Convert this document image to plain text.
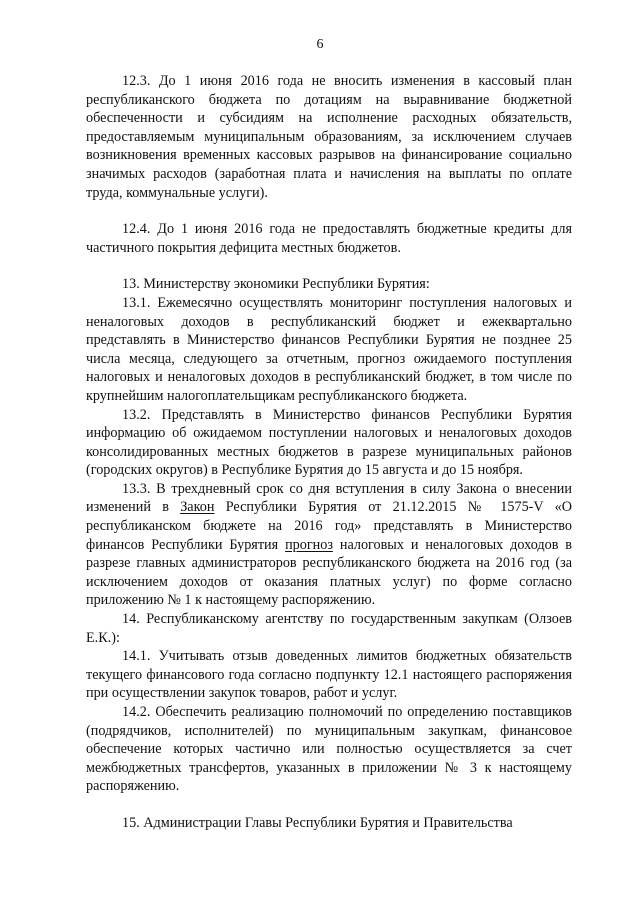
6

12.3. До 1 июня 2016 года не вносить изменения в кассовый план республиканского бюджета по дотациям на выравнивание бюджетной обеспеченности и субсидиям на исполнение расходных обязательств, предоставляемым муниципальным образованиям, за исключением случаев возникновения временных кассовых разрывов на финансирование социально значимых расходов (заработная плата и начисления на выплаты по оплате труда, коммунальные услуги).

12.4. До 1 июня 2016 года не предоставлять бюджетные кредиты для частичного покрытия дефицита местных бюджетов.

13. Министерству экономики Республики Бурятия:

13.1. Ежемесячно осуществлять мониторинг поступления налоговых и неналоговых доходов в республиканский бюджет и ежеквартально представлять в Министерство финансов Республики Бурятия не позднее 25 числа месяца, следующего за отчетным, прогноз ожидаемого поступления налоговых и неналоговых доходов в республиканский бюджет, в том числе по крупнейшим налогоплательщикам республиканского бюджета.

13.2. Представлять в Министерство финансов Республики Бурятия информацию об ожидаемом поступлении налоговых и неналоговых доходов консолидированных местных бюджетов в разрезе муниципальных районов (городских округов) в Республике Бурятия до 15 августа и до 15 ноября.

13.3. В трехдневный срок со дня вступления в силу Закона о внесении изменений в Закон Республики Бурятия от 21.12.2015 № 1575-V «О республиканском бюджете на 2016 год» представлять в Министерство финансов Республики Бурятия прогноз налоговых и неналоговых доходов в разрезе главных администраторов республиканского бюджета на 2016 год (за исключением доходов от оказания платных услуг) по форме согласно приложению № 1 к настоящему распоряжению.

14. Республиканскому агентству по государственным закупкам (Олзоев Е.К.):

14.1. Учитывать отзыв доведенных лимитов бюджетных обязательств текущего финансового года согласно подпункту 12.1 настоящего распоряжения при осуществлении закупок товаров, работ и услуг.

14.2. Обеспечить реализацию полномочий по определению поставщиков (подрядчиков, исполнителей) по муниципальным закупкам, финансовое обеспечение которых частично или полностью осуществляется за счет межбюджетных трансфертов, указанных в приложении № 3 к настоящему распоряжению.

15. Администрации Главы Республики Бурятия и Правительства
